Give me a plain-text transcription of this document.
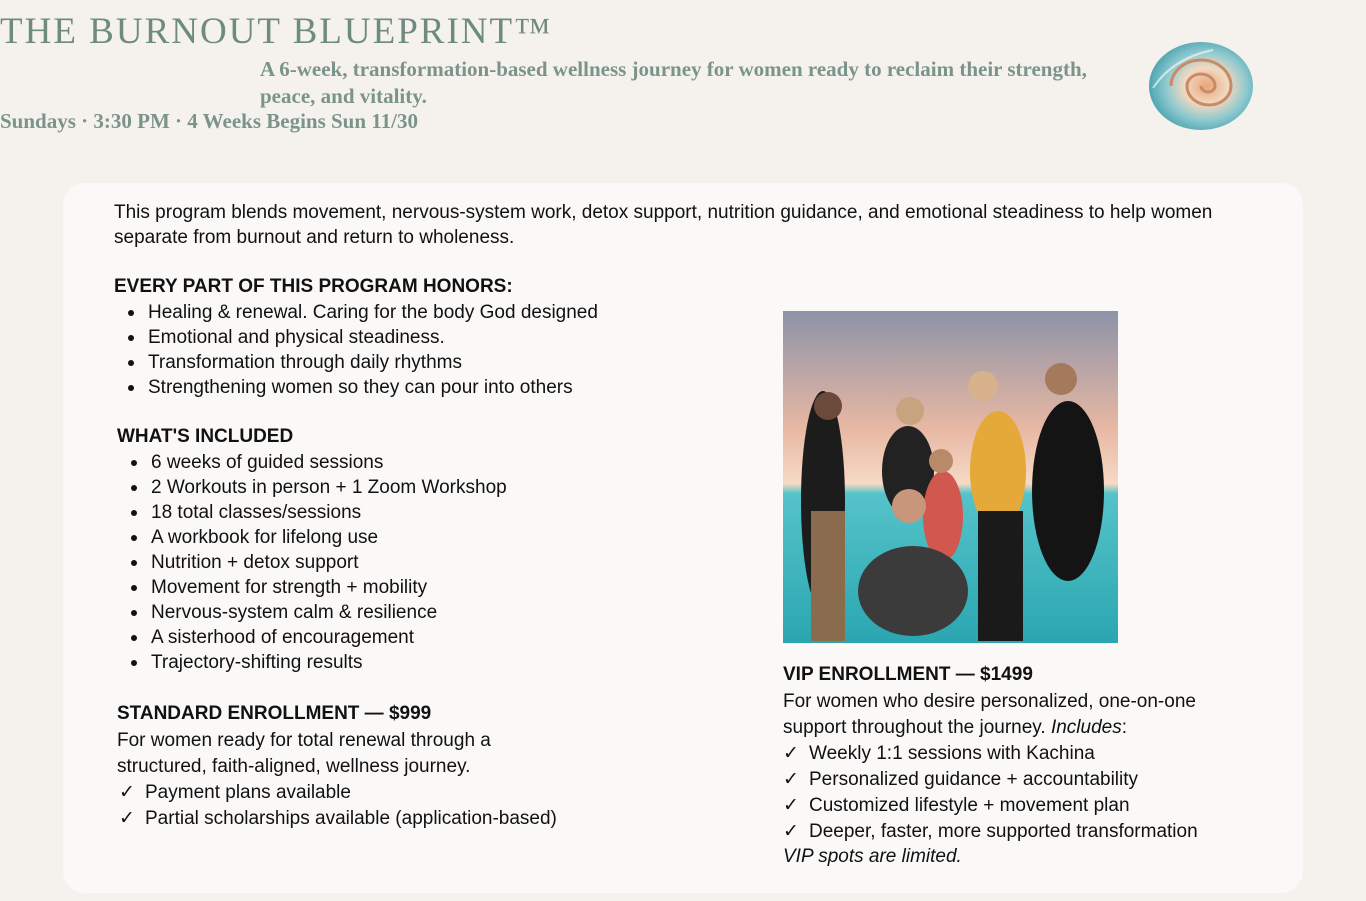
THE BURNOUT BLUEPRINT™
A 6-week, transformation-based wellness journey for women ready to reclaim their strength, peace, and vitality.
Sundays · 3:30 PM · 4 Weeks Begins Sun 11/30

This program blends movement, nervous-system work, detox support, nutrition guidance, and emotional steadiness to help women separate from burnout and return to wholeness.

EVERY PART OF THIS PROGRAM HONORS:
Healing & renewal. Caring for the body God designed
Emotional and physical steadiness.
Transformation through daily rhythms
Strengthening women so they can pour into others
WHAT'S INCLUDED
6 weeks of guided sessions
2 Workouts in person + 1 Zoom Workshop
18 total classes/sessions
A workbook for lifelong use
Nutrition + detox support
Movement for strength + mobility
Nervous-system calm & resilience
A sisterhood of encouragement
Trajectory-shifting results
STANDARD ENROLLMENT — $999

For women ready for total renewal through a structured, faith-aligned, wellness journey.

✓ Payment plans available
✓ Partial scholarships available (application-based)
VIP ENROLLMENT — $1499

For women who desire personalized, one-on-one support throughout the journey. Includes:

✓ Weekly 1:1 sessions with Kachina
✓ Personalized guidance + accountability
✓ Customized lifestyle + movement plan
✓ Deeper, faster, more supported transformation

VIP spots are limited.
